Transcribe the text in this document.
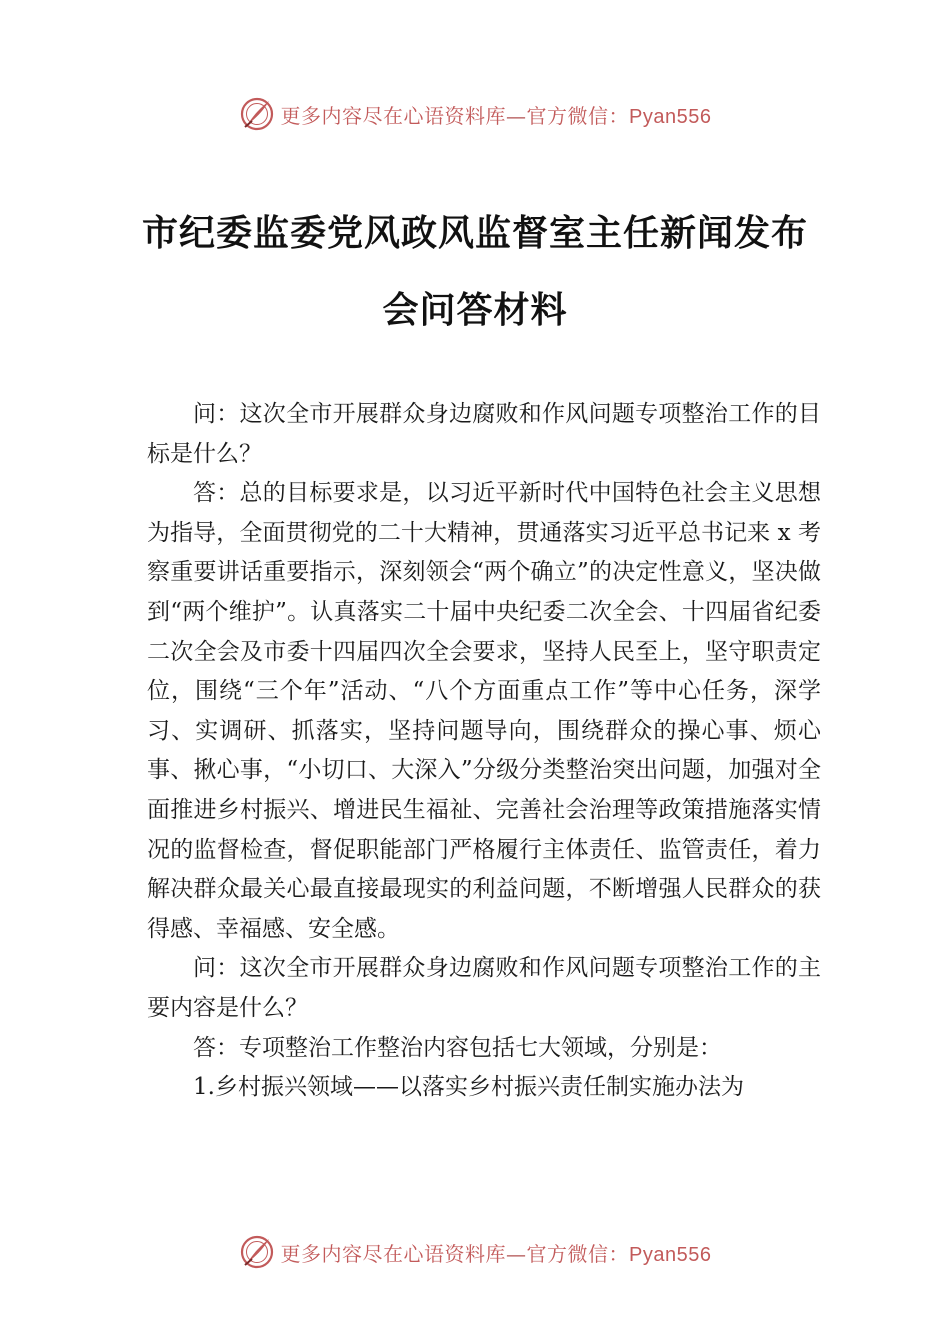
更多内容尽在心语资料库—官方微信：Pyan556
市纪委监委党风政风监督室主任新闻发布
会问答材料

问：这次全市开展群众身边腐败和作风问题专项整治工作的目标是什么？

答：总的目标要求是，以习近平新时代中国特色社会主义思想为指导，全面贯彻党的二十大精神，贯通落实习近平总书记来 x 考察重要讲话重要指示，深刻领会“两个确立”的决定性意义，坚决做到“两个维护”。认真落实二十届中央纪委二次全会、十四届省纪委二次全会及市委十四届四次全会要求，坚持人民至上，坚守职责定位，围绕“三个年”活动、“八个方面重点工作”等中心任务，深学习、实调研、抓落实，坚持问题导向，围绕群众的操心事、烦心事、揪心事，“小切口、大深入”分级分类整治突出问题，加强对全面推进乡村振兴、增进民生福祉、完善社会治理等政策措施落实情况的监督检查，督促职能部门严格履行主体责任、监管责任，着力解决群众最关心最直接最现实的利益问题，不断增强人民群众的获得感、幸福感、安全感。

问：这次全市开展群众身边腐败和作风问题专项整治工作的主要内容是什么？

答：专项整治工作整治内容包括七大领域，分别是：

1.乡村振兴领域——以落实乡村振兴责任制实施办法为

更多内容尽在心语资料库—官方微信：Pyan556
